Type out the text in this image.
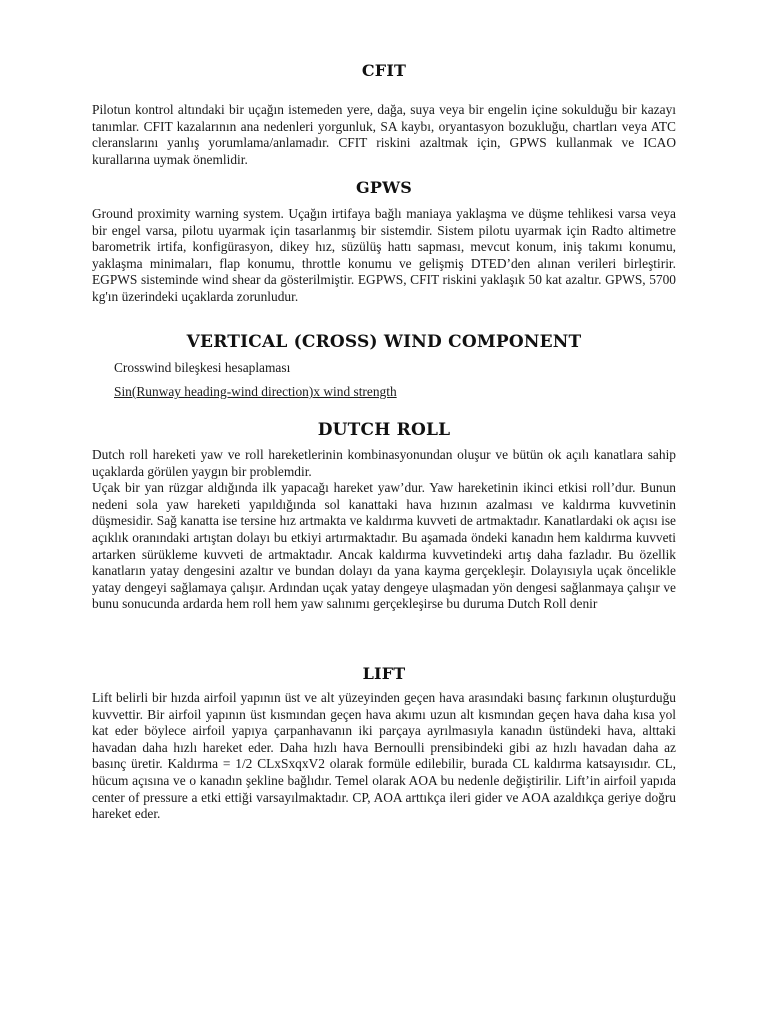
CFIT

Pilotun kontrol altındaki bir uçağın istemeden yere, dağa, suya veya bir engelin içine sokulduğu bir kazayı tanımlar. CFIT kazalarının ana nedenleri yorgunluk, SA kaybı, oryantasyon bozukluğu, chartları veya ATC cleranslarını yanlış yorumlama/anlamadır. CFIT riskini azaltmak için, GPWS kullanmak ve ICAO kurallarına uymak önemlidir.

GPWS

Ground proximity warning system. Uçağın irtifaya bağlı maniaya yaklaşma ve düşme tehlikesi varsa veya bir engel varsa, pilotu uyarmak için tasarlanmış bir sistemdir. Sistem pilotu uyarmak için Radto altimetre barometrik irtifa, konfigürasyon, dikey hız, süzülüş hattı sapması, mevcut konum, iniş takımı konumu, yaklaşma minimaları, flap konumu, throttle konumu ve gelişmiş DTED’den alınan verileri birleştirir. EGPWS sisteminde wind shear da gösterilmiştir. EGPWS, CFIT riskini yaklaşık 50 kat azaltır. GPWS, 5700 kg'ın üzerindeki uçaklarda zorunludur.

VERTICAL (CROSS) WIND COMPONENT
Crosswind bileşkesi hesaplaması
Sin(Runway heading-wind direction)x wind strength
DUTCH ROLL

Dutch roll hareketi yaw ve roll hareketlerinin kombinasyonundan oluşur ve bütün ok açılı kanatlara sahip uçaklarda görülen yaygın bir problemdir.
Uçak bir yan rüzgar aldığında ilk yapacağı hareket yaw’dur. Yaw hareketinin ikinci etkisi roll’dur. Bunun nedeni sola yaw hareketi yapıldığında sol kanattaki hava hızının azalması ve kaldırma kuvvetinin düşmesidir. Sağ kanatta ise tersine hız artmakta ve kaldırma kuvveti de artmaktadır. Kanatlardaki ok açısı ise açıklık oranındaki artıştan dolayı bu etkiyi artırmaktadır. Bu aşamada öndeki kanadın hem kaldırma kuvveti artarken sürükleme kuvveti de artmaktadır. Ancak kaldırma kuvvetindeki artış daha fazladır. Bu özellik kanatların yatay dengesini azaltır ve bundan dolayı da yana kayma gerçekleşir. Dolayısıyla uçak öncelikle yatay dengeyi sağlamaya çalışır. Ardından uçak yatay dengeye ulaşmadan yön dengesi sağlanmaya çalışır ve bunu sonucunda ardarda hem roll hem yaw salınımı gerçekleşirse bu duruma Dutch Roll denir

LIFT

Lift belirli bir hızda airfoil yapının üst ve alt yüzeyinden geçen hava arasındaki basınç farkının oluşturduğu kuvvettir. Bir airfoil yapının üst kısmından geçen hava akımı uzun alt kısmından geçen hava daha kısa yol kat eder böylece airfoil yapıya çarpanhavanın iki parçaya ayrılmasıyla kanadın üstündeki hava, alttaki havadan daha hızlı hareket eder. Daha hızlı hava Bernoulli prensibindeki gibi az hızlı havadan daha az basınç üretir. Kaldırma = 1/2 CLxSxqxV2 olarak formüle edilebilir, burada CL kaldırma katsayısıdır. CL, hücum açısına ve o kanadın şekline bağlıdır. Temel olarak AOA bu nedenle değiştirilir. Lift’in airfoil yapıda center of pressure a etki ettiği varsayılmaktadır. CP, AOA arttıkça ileri gider ve AOA azaldıkça geriye doğru hareket eder.
